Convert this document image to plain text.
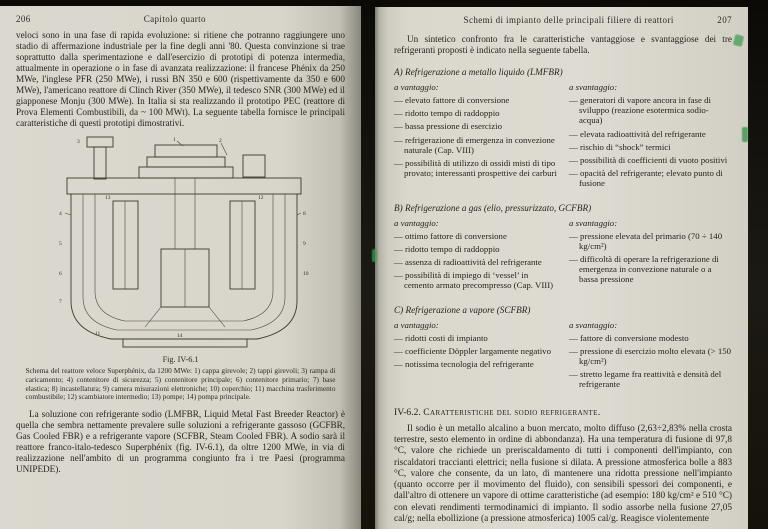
206	Capitolo quarto

veloci sono in una fase di rapida evoluzione: si ritiene che potranno raggiungere uno stadio di affermazione industriale per la fine degli anni '80. Questa convinzione si trae soprattutto dalla sperimentazione e dall'esercizio di prototipi di potenza intermedia, attualmente in operazione o in fase di avanzata realizzazione: il francese Phénix da 250 MWe, l'inglese PFR (250 MWe), i russi BN 350 e 600 (rispettivamente da 350 e 600 MWe), l'americano reattore di Clinch River (350 MWe), il tedesco SNR (300 MWe) ed il giapponese Monju (300 MWe). In Italia si sta realizzando il prototipo PEC (reattore di Prova Elementi Combustibili, da ~ 100 MWt). La seguente tabella fornisce le principali caratteristiche di questi prototipi dimostrativi.

1	2
3
4
5
6
7
8
9
10
11
12
13
14
Fig. IV-6.1
Schema del reattore veloce Superphénix, da 1200 MWe: 1) cappa girevole; 2) tappi girevoli; 3) rampa di caricamento; 4) contenitore di sicurezza; 5) contenitore principale; 6) contenitore primario; 7) base elastica; 8) incastellatura; 9) camera misurazioni elettroniche; 10) coperchio; 11) macchina trasferimento combustibile; 12) scambiatore intermedio; 13) pompe; 14) pompa principale.

La soluzione con refrigerante sodio (LMFBR, Liquid Metal Fast Breeder Reactor) è quella che sembra nettamente prevalere sulle soluzioni a refrigerante gassoso (GCFBR, Gas Cooled FBR) e a refrigerante vapore (SCFBR, Steam Cooled FBR). A sodio sarà il reattore franco-italo-tedesco Superphénix (fig. IV-6.1), da oltre 1200 MWe, in via di realizzazione nell'ambito di un programma congiunto fra i tre Paesi (programma UNIPEDE).

Schemi di impianto delle principali filiere di reattori	207

Un sintetico confronto fra le caratteristiche vantaggiose e svantaggiose dei tre refrigeranti proposti è indicato nella seguente tabella.

A) Refrigerazione a metallo liquido (LMFBR)
a vantaggio:
— elevato fattore di conversione
— ridotto tempo di raddoppio
— bassa pressione di esercizio
— refrigerazione di emergenza in convezione naturale (Cap. VIII)
— possibilità di utilizzo di ossidi misti di tipo provato; interessanti prospettive dei carburi
a svantaggio:
— generatori di vapore ancora in fase di sviluppo (reazione esotermica sodio-acqua)
— elevata radioattività del refrigerante
— rischio di “shock” termici
— possibilità di coefficienti di vuoto positivi
— opacità del refrigerante; elevato punto di fusione
B) Refrigerazione a gas (elio, pressurizzato, GCFBR)
a vantaggio:
— ottimo fattore di conversione
— ridotto tempo di raddoppio
— assenza di radioattività del refrigerante
— possibilità di impiego di ‘vessel’ in cemento armato precompresso (Cap. VIII)
a svantaggio:
— pressione elevata del primario (70 ÷ 140 kg/cm²)
— difficoltà di operare la refrigerazione di emergenza in convezione naturale o a bassa pressione
C) Refrigerazione a vapore (SCFBR)
a vantaggio:
— ridotti costi di impianto
— coefficiente Döppler largamente negativo
— notissima tecnologia del refrigerante
a svantaggio:
— fattore di conversione modesto
— pressione di esercizio molto elevata (> 150 kg/cm²)
— stretto legame fra reattività e densità del refrigerante
IV-6.2. Caratteristiche del sodio refrigerante.

Il sodio è un metallo alcalino a buon mercato, molto diffuso (2,63÷2,83% nella crosta terrestre, sesto elemento in ordine di abbondanza). Ha una temperatura di fusione di 97,8 °C, valore che richiede un preriscaldamento di tutti i componenti dell'impianto, con riscaldatori traccianti elettrici; nella fusione si dilata. A pressione atmosferica bolle a 883 °C, valore che consente, da un lato, di mantenere una ridotta pressione nell'impianto (quanto occorre per il movimento del fluido), con sensibili spessori dei componenti, e dall'altro di ottenere un vapore di ottime caratteristiche (ad esempio: 180 kg/cm² e 510 °C) con elevati rendimenti termodinamici di impianto. Il sodio assorbe nella fusione 27,05 cal/g; nella ebollizione (a pressione atmosferica) 1005 cal/g. Reagisce violentemente
